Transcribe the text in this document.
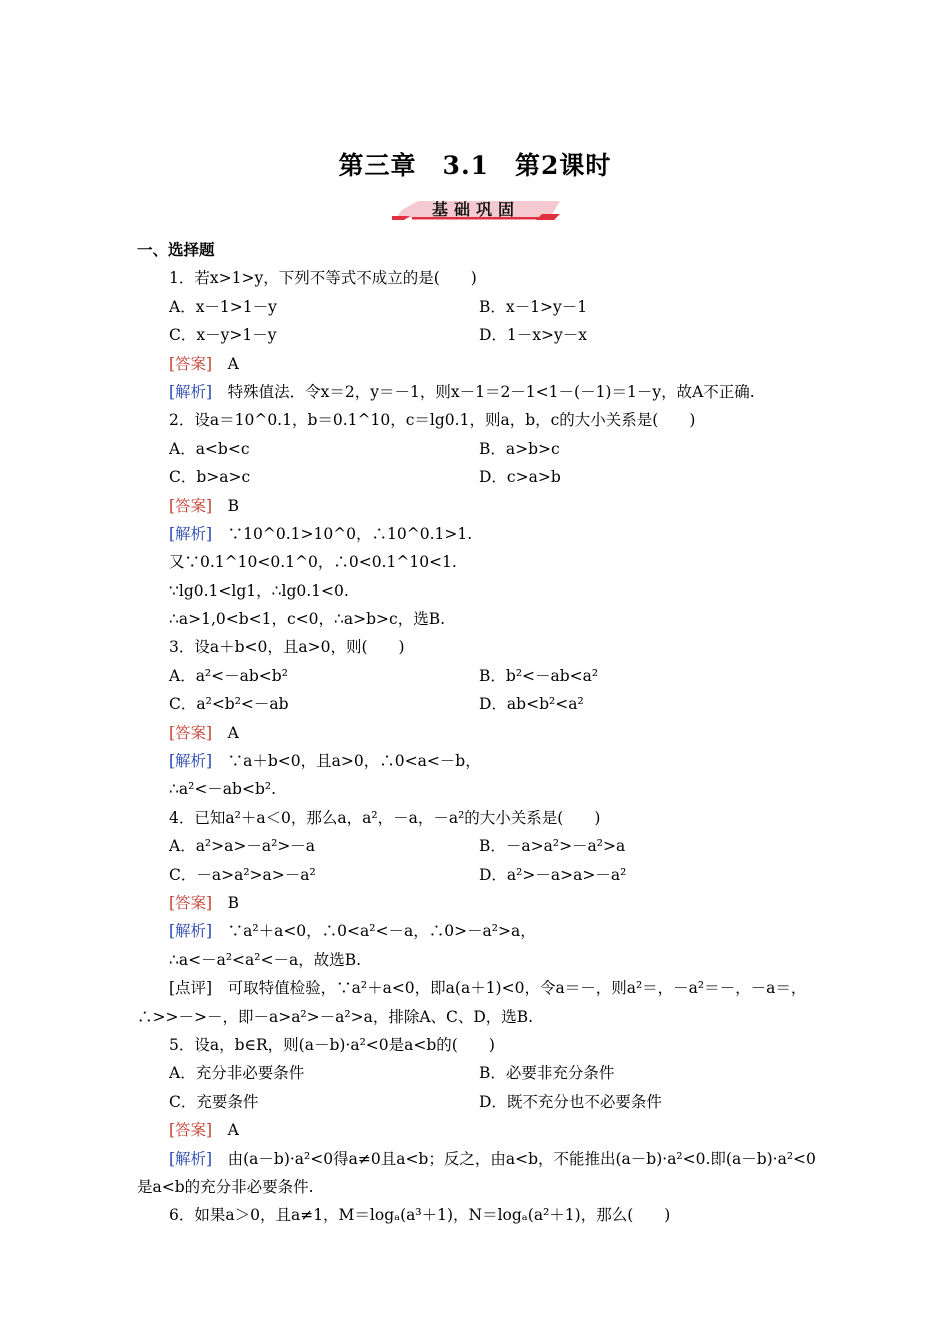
第三章　3.1　第2课时
基础巩固
一、选择题
1．若x>1>y，下列不等式不成立的是(　　)
A．x－1>1－y	B．x－1>y－1
C．x－y>1－y	D．1－x>y－x
[答案]　 A
[解析]　 特殊值法．令x＝2，y＝－1，则x－1＝2－1<1－(－1)＝1－y，故A不正确.
2．设a＝10^0.1，b＝0.1^10，c＝lg0.1，则a，b，c的大小关系是(　　)
A．a<b<c	B．a>b>c
C．b>a>c	D．c>a>b
[答案]　 B
[解析]　 ∵10^0.1>10^0，∴10^0.1>1.
又∵0.1^10<0.1^0，∴0<0.1^10<1.
∵lg0.1<lg1，∴lg0.1<0.
∴a>1,0<b<1，c<0，∴a>b>c，选B.
3．设a＋b<0，且a>0，则(　　)
A．a²<－ab<b²	B．b²<－ab<a²
C．a²<b²<－ab	D．ab<b²<a²
[答案]　 A
[解析]　 ∵a＋b<0，且a>0，∴0<a<－b，
∴a²<－ab<b².
4．已知a²＋a＜0，那么a，a²，－a，－a²的大小关系是(　　)
A．a²>a>－a²>－a	B．－a>a²>－a²>a
C．－a>a²>a>－a²	D．a²>－a>a>－a²
[答案]　 B
[解析]　 ∵a²＋a<0，∴0<a²<－a，∴0>－a²>a，
∴a<－a²<a²<－a，故选B.
[点评]　 可取特值检验，∵a²＋a<0，即a(a＋1)<0，令a＝－，则a²＝，－a²＝－，－a＝，
∴>>－>－，即－a>a²>－a²>a，排除A、C、D，选B.
5．设a，b∈R，则(a－b)·a²<0是a<b的(　　)
A．充分非必要条件	B．必要非充分条件
C．充要条件	D．既不充分也不必要条件
[答案]　 A
[解析]　 由(a－b)·a²<0得a≠0且a<b；反之，由a<b，不能推出(a－b)·a²<0.即(a－b)·a²<0
是a<b的充分非必要条件.
6．如果a＞0，且a≠1，M＝logₐ(a³＋1)，N＝logₐ(a²＋1)，那么(　　)
